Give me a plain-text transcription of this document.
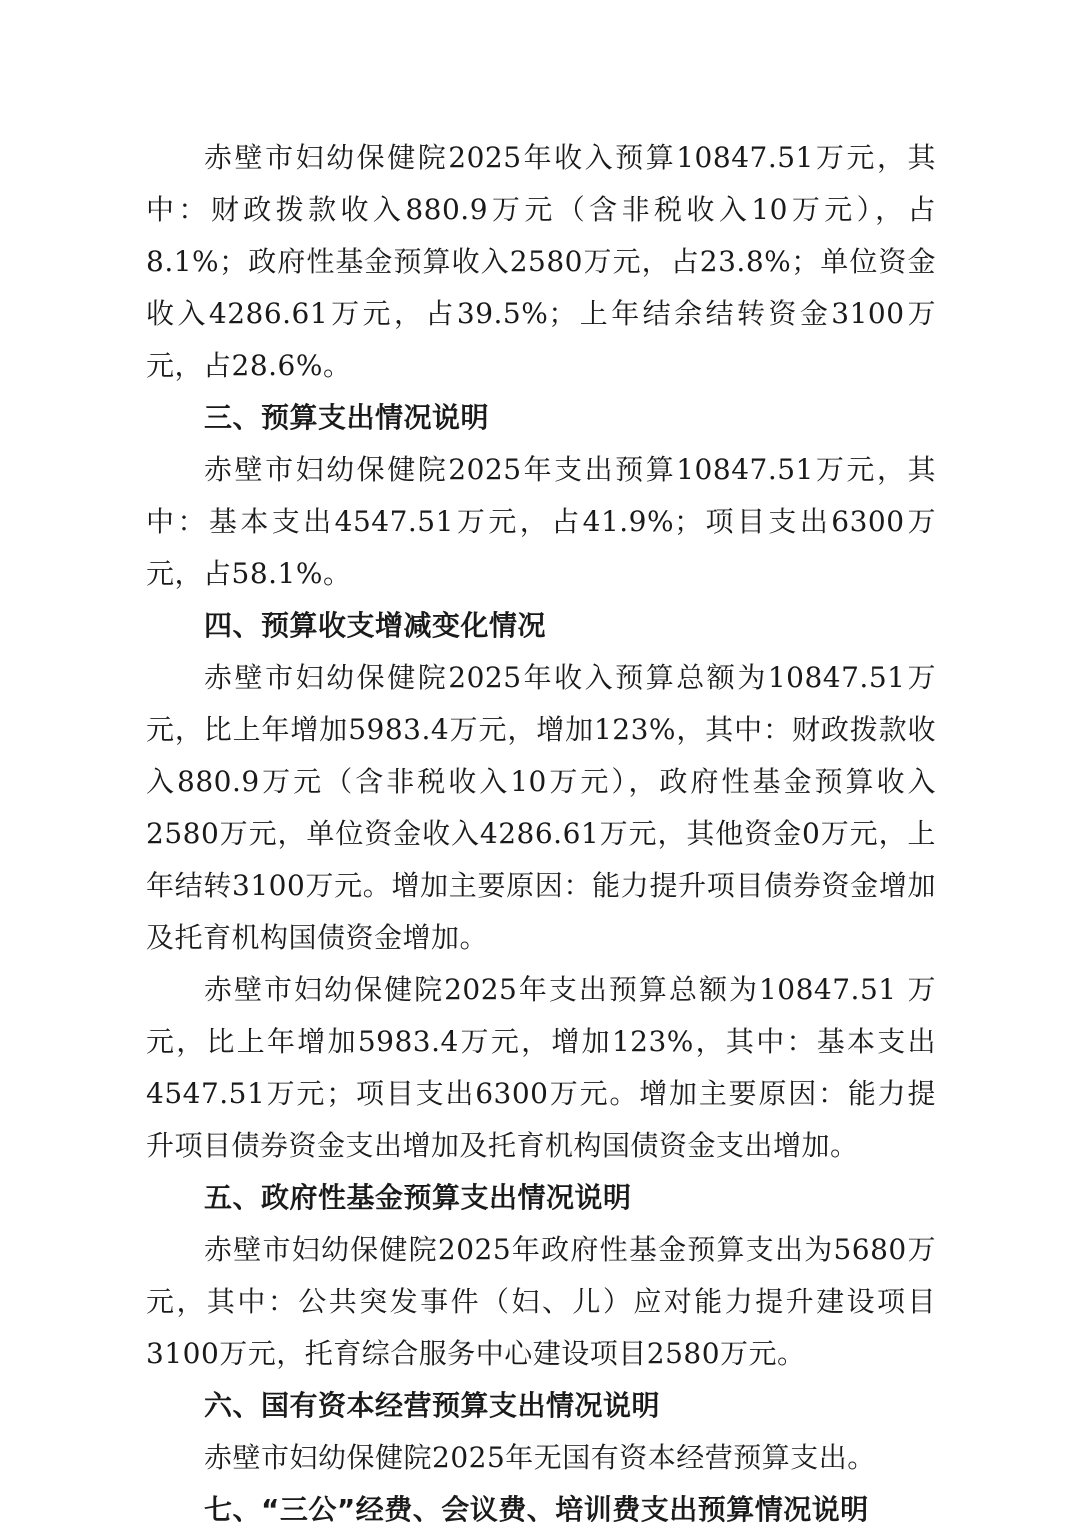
赤壁市妇幼保健院2025年收入预算10847.51万元，其中：财政拨款收入880.9万元（含非税收入10万元），占 8.1%；政府性基金预算收入2580万元，占23.8%；单位资金收入4286.61万元，占39.5%；上年结余结转资金3100万元，占28.6%。

三、预算支出情况说明

赤壁市妇幼保健院2025年支出预算10847.51万元，其中：基本支出4547.51万元，占41.9%；项目支出6300万元，占58.1%。

四、预算收支增减变化情况

赤壁市妇幼保健院2025年收入预算总额为10847.51万元，比上年增加5983.4万元，增加123%，其中：财政拨款收入880.9万元（含非税收入10万元），政府性基金预算收入2580万元，单位资金收入4286.61万元，其他资金0万元，上年结转3100万元。增加主要原因：能力提升项目债券资金增加及托育机构国债资金增加。

赤壁市妇幼保健院2025年支出预算总额为10847.51 万元，比上年增加5983.4万元，增加123%，其中：基本支出4547.51万元；项目支出6300万元。增加主要原因：能力提升项目债券资金支出增加及托育机构国债资金支出增加。

五、政府性基金预算支出情况说明

赤壁市妇幼保健院2025年政府性基金预算支出为5680万元，其中：公共突发事件（妇、儿）应对能力提升建设项目3100万元，托育综合服务中心建设项目2580万元。

六、国有资本经营预算支出情况说明

赤壁市妇幼保健院2025年无国有资本经营预算支出。

七、“三公”经费、会议费、培训费支出预算情况说明
